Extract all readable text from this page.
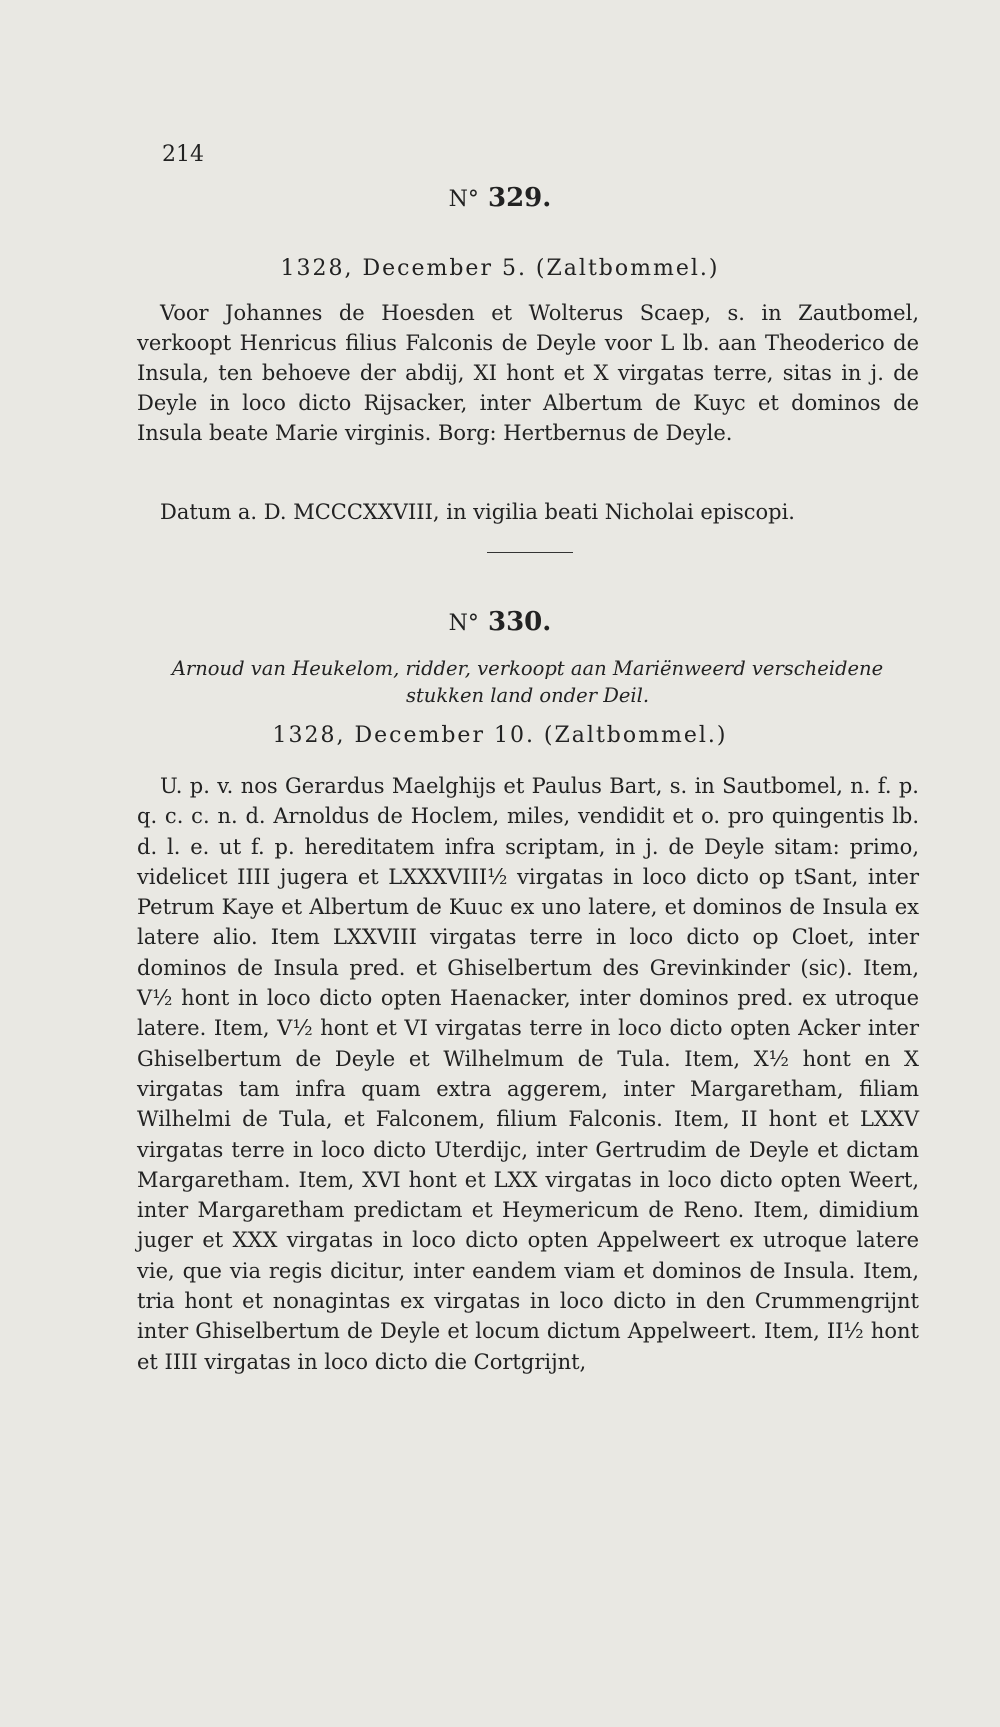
214
N° 329.
1328, December 5. (Zaltbommel.)

Voor Johannes de Hoesden et Wolterus Scaep, s. in Zautbomel, verkoopt Henricus filius Falconis de Deyle voor L lb. aan Theoderico de Insula, ten behoeve der abdij, XI hont et X virgatas terre, sitas in j. de Deyle in loco dicto Rijsacker, inter Albertum de Kuyc et dominos de Insula beate Marie virginis. Borg: Hertbernus de Deyle.

Datum a. D. MCCCXXVIII, in vigilia beati Nicholai episcopi.

N° 330.
Arnoud van Heukelom, ridder, verkoopt aan Mariënweerd verscheidene stukken land onder Deil.
1328, December 10. (Zaltbommel.)

U. p. v. nos Gerardus Maelghijs et Paulus Bart, s. in Sautbomel, n. f. p. q. c. c. n. d. Arnoldus de Hoclem, miles, vendidit et o. pro quingentis lb. d. l. e. ut f. p. hereditatem infra scriptam, in j. de Deyle sitam: primo, videlicet IIII jugera et LXXXVIII½ virgatas in loco dicto op tSant, inter Petrum Kaye et Albertum de Kuuc ex uno latere, et dominos de Insula ex latere alio. Item LXXVIII virgatas terre in loco dicto op Cloet, inter dominos de Insula pred. et Ghiselbertum des Grevinkinder (sic). Item, V½ hont in loco dicto opten Haenacker, inter dominos pred. ex utroque latere. Item, V½ hont et VI virgatas terre in loco dicto opten Acker inter Ghiselbertum de Deyle et Wilhelmum de Tula. Item, X½ hont en X virgatas tam infra quam extra aggerem, inter Margaretham, filiam Wilhelmi de Tula, et Falconem, filium Falconis. Item, II hont et LXXV virgatas terre in loco dicto Uterdijc, inter Gertrudim de Deyle et dictam Margaretham. Item, XVI hont et LXX virgatas in loco dicto opten Weert, inter Margaretham predictam et Heymericum de Reno. Item, dimidium juger et XXX virgatas in loco dicto opten Appelweert ex utroque latere vie, que via regis dicitur, inter eandem viam et dominos de Insula. Item, tria hont et nonagintas ex virgatas in loco dicto in den Crummengrijnt inter Ghiselbertum de Deyle et locum dictum Appelweert. Item, II½ hont et IIII virgatas in loco dicto die Cortgrijnt,
